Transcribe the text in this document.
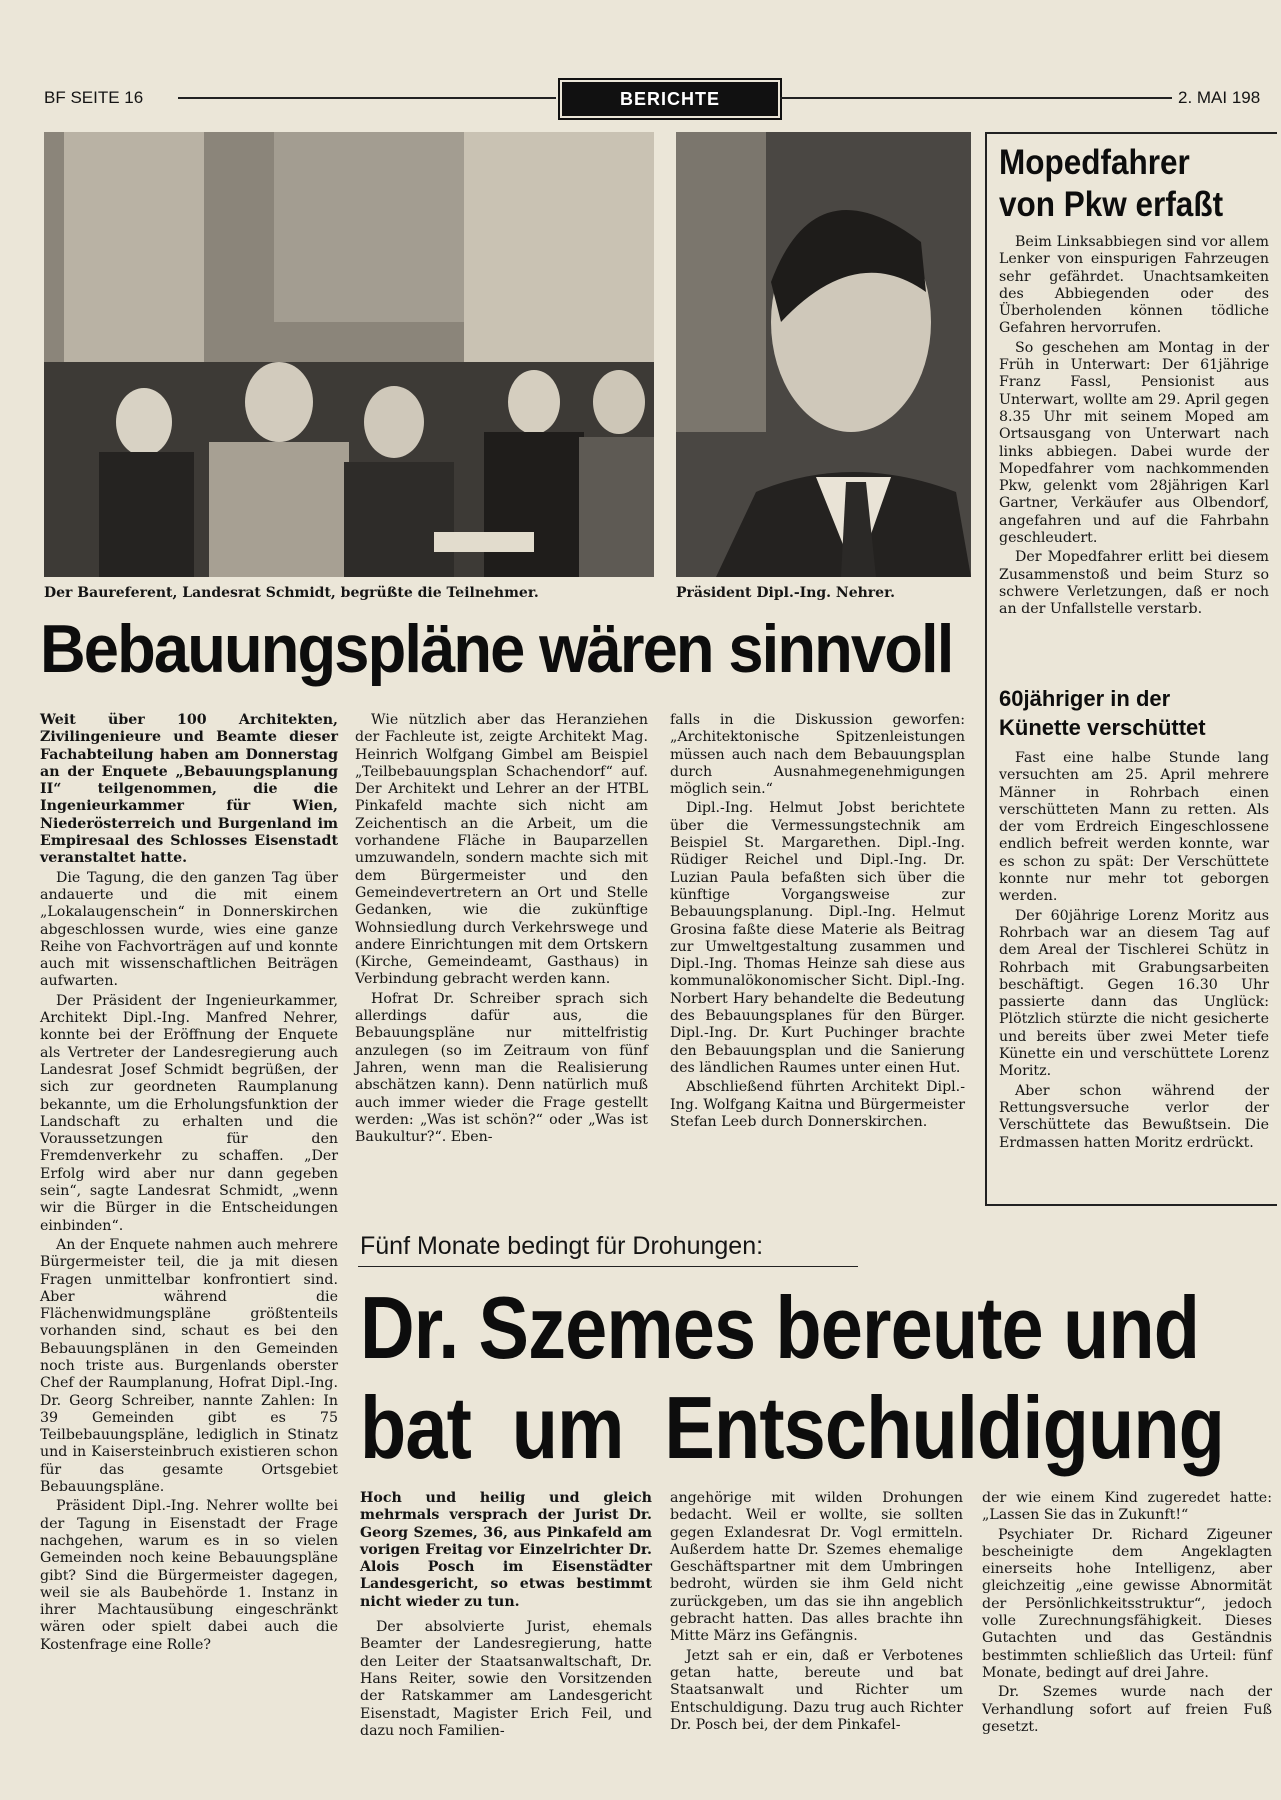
BF SEITE 16	BERICHTE	2. MAI 198
Der Baureferent, Landesrat Schmidt, begrüßte die Teilnehmer.	Präsident Dipl.-Ing. Nehrer.
Bebauungspläne wären sinnvoll

Weit über 100 Architekten, Zivilingenieure und Beamte dieser Fachabteilung haben am Donnerstag an der Enquete „Bebauungsplanung II“ teilgenommen, die die Ingenieurkammer für Wien, Niederösterreich und Burgenland im Empiresaal des Schlosses Eisenstadt veranstaltet hatte.

Die Tagung, die den ganzen Tag über andauerte und die mit einem „Lokalaugenschein“ in Donnerskirchen abgeschlossen wurde, wies eine ganze Reihe von Fachvorträgen auf und konnte auch mit wissenschaftlichen Beiträgen aufwarten.

Der Präsident der Ingenieurkammer, Architekt Dipl.-Ing. Manfred Nehrer, konnte bei der Eröffnung der Enquete als Vertreter der Landesregierung auch Landesrat Josef Schmidt begrüßen, der sich zur geordneten Raumplanung bekannte, um die Erholungsfunktion der Landschaft zu erhalten und die Voraussetzungen für den Fremdenverkehr zu schaffen. „Der Erfolg wird aber nur dann gegeben sein“, sagte Landesrat Schmidt, „wenn wir die Bürger in die Entscheidungen einbinden“.

An der Enquete nahmen auch mehrere Bürgermeister teil, die ja mit diesen Fragen unmittelbar konfrontiert sind. Aber während die Flächenwidmungspläne größtenteils vorhanden sind, schaut es bei den Bebauungsplänen in den Gemeinden noch triste aus. Burgenlands oberster Chef der Raumplanung, Hofrat Dipl.-Ing. Dr. Georg Schreiber, nannte Zahlen: In 39 Gemeinden gibt es 75 Teilbebauungspläne, lediglich in Stinatz und in Kaisersteinbruch existieren schon für das gesamte Ortsgebiet Bebauungspläne.

Präsident Dipl.-Ing. Nehrer wollte bei der Tagung in Eisenstadt der Frage nachgehen, warum es in so vielen Gemeinden noch keine Bebauungspläne gibt? Sind die Bürgermeister dagegen, weil sie als Baubehörde 1. Instanz in ihrer Machtausübung eingeschränkt wären oder spielt dabei auch die Kostenfrage eine Rolle?

Wie nützlich aber das Heranziehen der Fachleute ist, zeigte Architekt Mag. Heinrich Wolfgang Gimbel am Beispiel „Teilbebauungsplan Schachendorf“ auf. Der Architekt und Lehrer an der HTBL Pinkafeld machte sich nicht am Zeichentisch an die Arbeit, um die vorhandene Fläche in Bauparzellen umzuwandeln, sondern machte sich mit dem Bürgermeister und den Gemeindevertretern an Ort und Stelle Gedanken, wie die zukünftige Wohnsiedlung durch Verkehrswege und andere Einrichtungen mit dem Ortskern (Kirche, Gemeindeamt, Gasthaus) in Verbindung gebracht werden kann.

Hofrat Dr. Schreiber sprach sich allerdings dafür aus, die Bebauungspläne nur mittelfristig anzulegen (so im Zeitraum von fünf Jahren, wenn man die Realisierung abschätzen kann). Denn natürlich muß auch immer wieder die Frage gestellt werden: „Was ist schön?“ oder „Was ist Baukultur?“. Eben-

falls in die Diskussion geworfen: „Architektonische Spitzenleistungen müssen auch nach dem Bebauungsplan durch Ausnahmegenehmigungen möglich sein.“

Dipl.-Ing. Helmut Jobst berichtete über die Vermessungstechnik am Beispiel St. Margarethen. Dipl.-Ing. Rüdiger Reichel und Dipl.-Ing. Dr. Luzian Paula befaßten sich über die künftige Vorgangsweise zur Bebauungsplanung. Dipl.-Ing. Helmut Grosina faßte diese Materie als Beitrag zur Umweltgestaltung zusammen und Dipl.-Ing. Thomas Heinze sah diese aus kommunalökonomischer Sicht. Dipl.-Ing. Norbert Hary behandelte die Bedeutung des Bebauungsplanes für den Bürger. Dipl.-Ing. Dr. Kurt Puchinger brachte den Bebauungsplan und die Sanierung des ländlichen Raumes unter einen Hut.

Abschließend führten Architekt Dipl.-Ing. Wolfgang Kaitna und Bürgermeister Stefan Leeb durch Donnerskirchen.

Mopedfahrer
von Pkw erfaßt

Beim Linksabbiegen sind vor allem Lenker von einspurigen Fahrzeugen sehr gefährdet. Unachtsamkeiten des Abbiegenden oder des Überholenden können tödliche Gefahren hervorrufen.

So geschehen am Montag in der Früh in Unterwart: Der 61jährige Franz Fassl, Pensionist aus Unterwart, wollte am 29. April gegen 8.35 Uhr mit seinem Moped am Ortsausgang von Unterwart nach links abbiegen. Dabei wurde der Mopedfahrer vom nachkommenden Pkw, gelenkt vom 28jährigen Karl Gartner, Verkäufer aus Olbendorf, angefahren und auf die Fahrbahn geschleudert.

Der Mopedfahrer erlitt bei diesem Zusammenstoß und beim Sturz so schwere Verletzungen, daß er noch an der Unfallstelle verstarb.

60jähriger in der
Künette verschüttet

Fast eine halbe Stunde lang versuchten am 25. April mehrere Männer in Rohrbach einen verschütteten Mann zu retten. Als der vom Erdreich Eingeschlossene endlich befreit werden konnte, war es schon zu spät: Der Verschüttete konnte nur mehr tot geborgen werden.

Der 60jährige Lorenz Moritz aus Rohrbach war an diesem Tag auf dem Areal der Tischlerei Schütz in Rohrbach mit Grabungsarbeiten beschäftigt. Gegen 16.30 Uhr passierte dann das Unglück: Plötzlich stürzte die nicht gesicherte und bereits über zwei Meter tiefe Künette ein und verschüttete Lorenz Moritz.

Aber schon während der Rettungsversuche verlor der Verschüttete das Bewußtsein. Die Erdmassen hatten Moritz erdrückt.

Fünf Monate bedingt für Drohungen:
Dr. Szemes bereute und
bat um Entschuldigung

Hoch und heilig und gleich mehrmals versprach der Jurist Dr. Georg Szemes, 36, aus Pinkafeld am vorigen Freitag vor Einzelrichter Dr. Alois Posch im Eisenstädter Landesgericht, so etwas bestimmt nicht wieder zu tun.

Der absolvierte Jurist, ehemals Beamter der Landesregierung, hatte den Leiter der Staatsanwaltschaft, Dr. Hans Reiter, sowie den Vorsitzenden der Ratskammer am Landesgericht Eisenstadt, Magister Erich Feil, und dazu noch Familien-

angehörige mit wilden Drohungen bedacht. Weil er wollte, sie sollten gegen Exlandesrat Dr. Vogl ermitteln. Außerdem hatte Dr. Szemes ehemalige Geschäftspartner mit dem Umbringen bedroht, würden sie ihm Geld nicht zurückgeben, um das sie ihn angeblich gebracht hatten. Das alles brachte ihn Mitte März ins Gefängnis.

Jetzt sah er ein, daß er Verbotenes getan hatte, bereute und bat Staatsanwalt und Richter um Entschuldigung. Dazu trug auch Richter Dr. Posch bei, der dem Pinkafel-

der wie einem Kind zugeredet hatte: „Lassen Sie das in Zukunft!“

Psychiater Dr. Richard Zigeuner bescheinigte dem Angeklagten einerseits hohe Intelligenz, aber gleichzeitig „eine gewisse Abnormität der Persönlichkeitsstruktur“, jedoch volle Zurechnungsfähigkeit. Dieses Gutachten und das Geständnis bestimmten schließlich das Urteil: fünf Monate, bedingt auf drei Jahre.

Dr. Szemes wurde nach der Verhandlung sofort auf freien Fuß gesetzt.
